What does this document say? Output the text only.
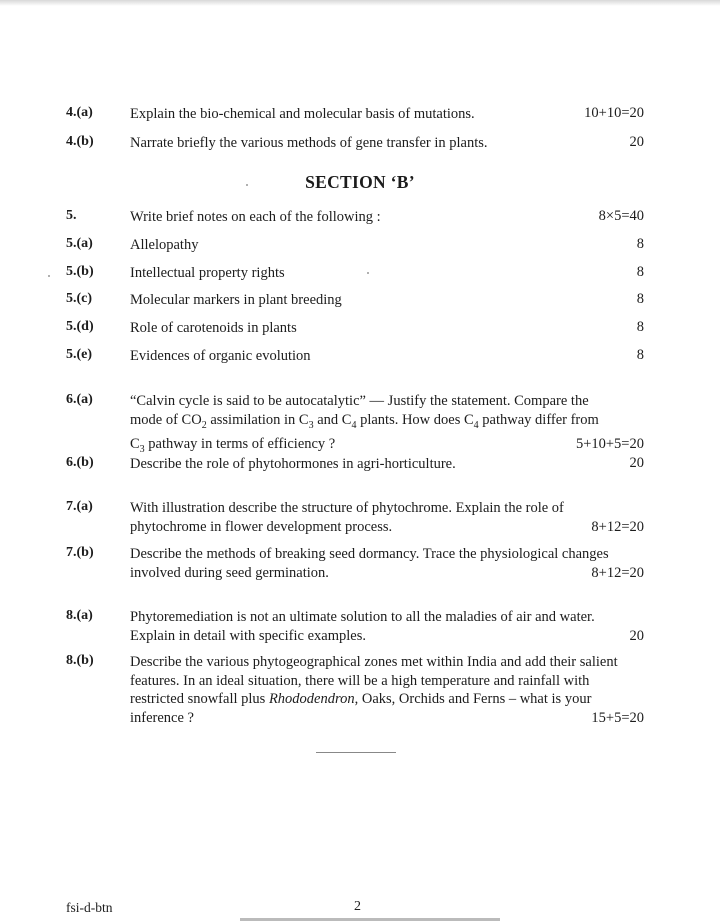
4.(a)	Explain the bio-chemical and molecular basis of mutations.	10+10=20
4.(b)	Narrate briefly the various methods of gene transfer in plants.	20
SECTION ‘B’
5.	Write brief notes on each of the following :	8×5=40
5.(a)	Allelopathy	8
5.(b)	Intellectual property rights	8
5.(c)	Molecular markers in plant breeding	8
5.(d)	Role of carotenoids in plants	8
5.(e)	Evidences of organic evolution	8
6.(a)	“Calvin cycle is said to be autocatalytic” — Justify the statement. Compare the
mode of $CO_2$ assimilation in $C_3$ and $C_4$ plants. How does $C_4$ pathway differ from
$C_3$ pathway in terms of efficiency ?	5+10+5=20
6.(b)	Describe the role of phytohormones in agri-horticulture.	20
7.(a)	With illustration describe the structure of phytochrome. Explain the role of
phytochrome in flower development process.	8+12=20
7.(b)	Describe the methods of breaking seed dormancy. Trace the physiological changes
involved during seed germination.	8+12=20
8.(a)	Phytoremediation is not an ultimate solution to all the maladies of air and water.
Explain in detail with specific examples.	20
8.(b)	Describe the various phytogeographical zones met within India and add their salient
features. In an ideal situation, there will be a high temperature and rainfall with
restricted snowfall plus Rhododendron, Oaks, Orchids and Ferns – what is your
inference ?	15+5=20
fsi-d-btn	2
